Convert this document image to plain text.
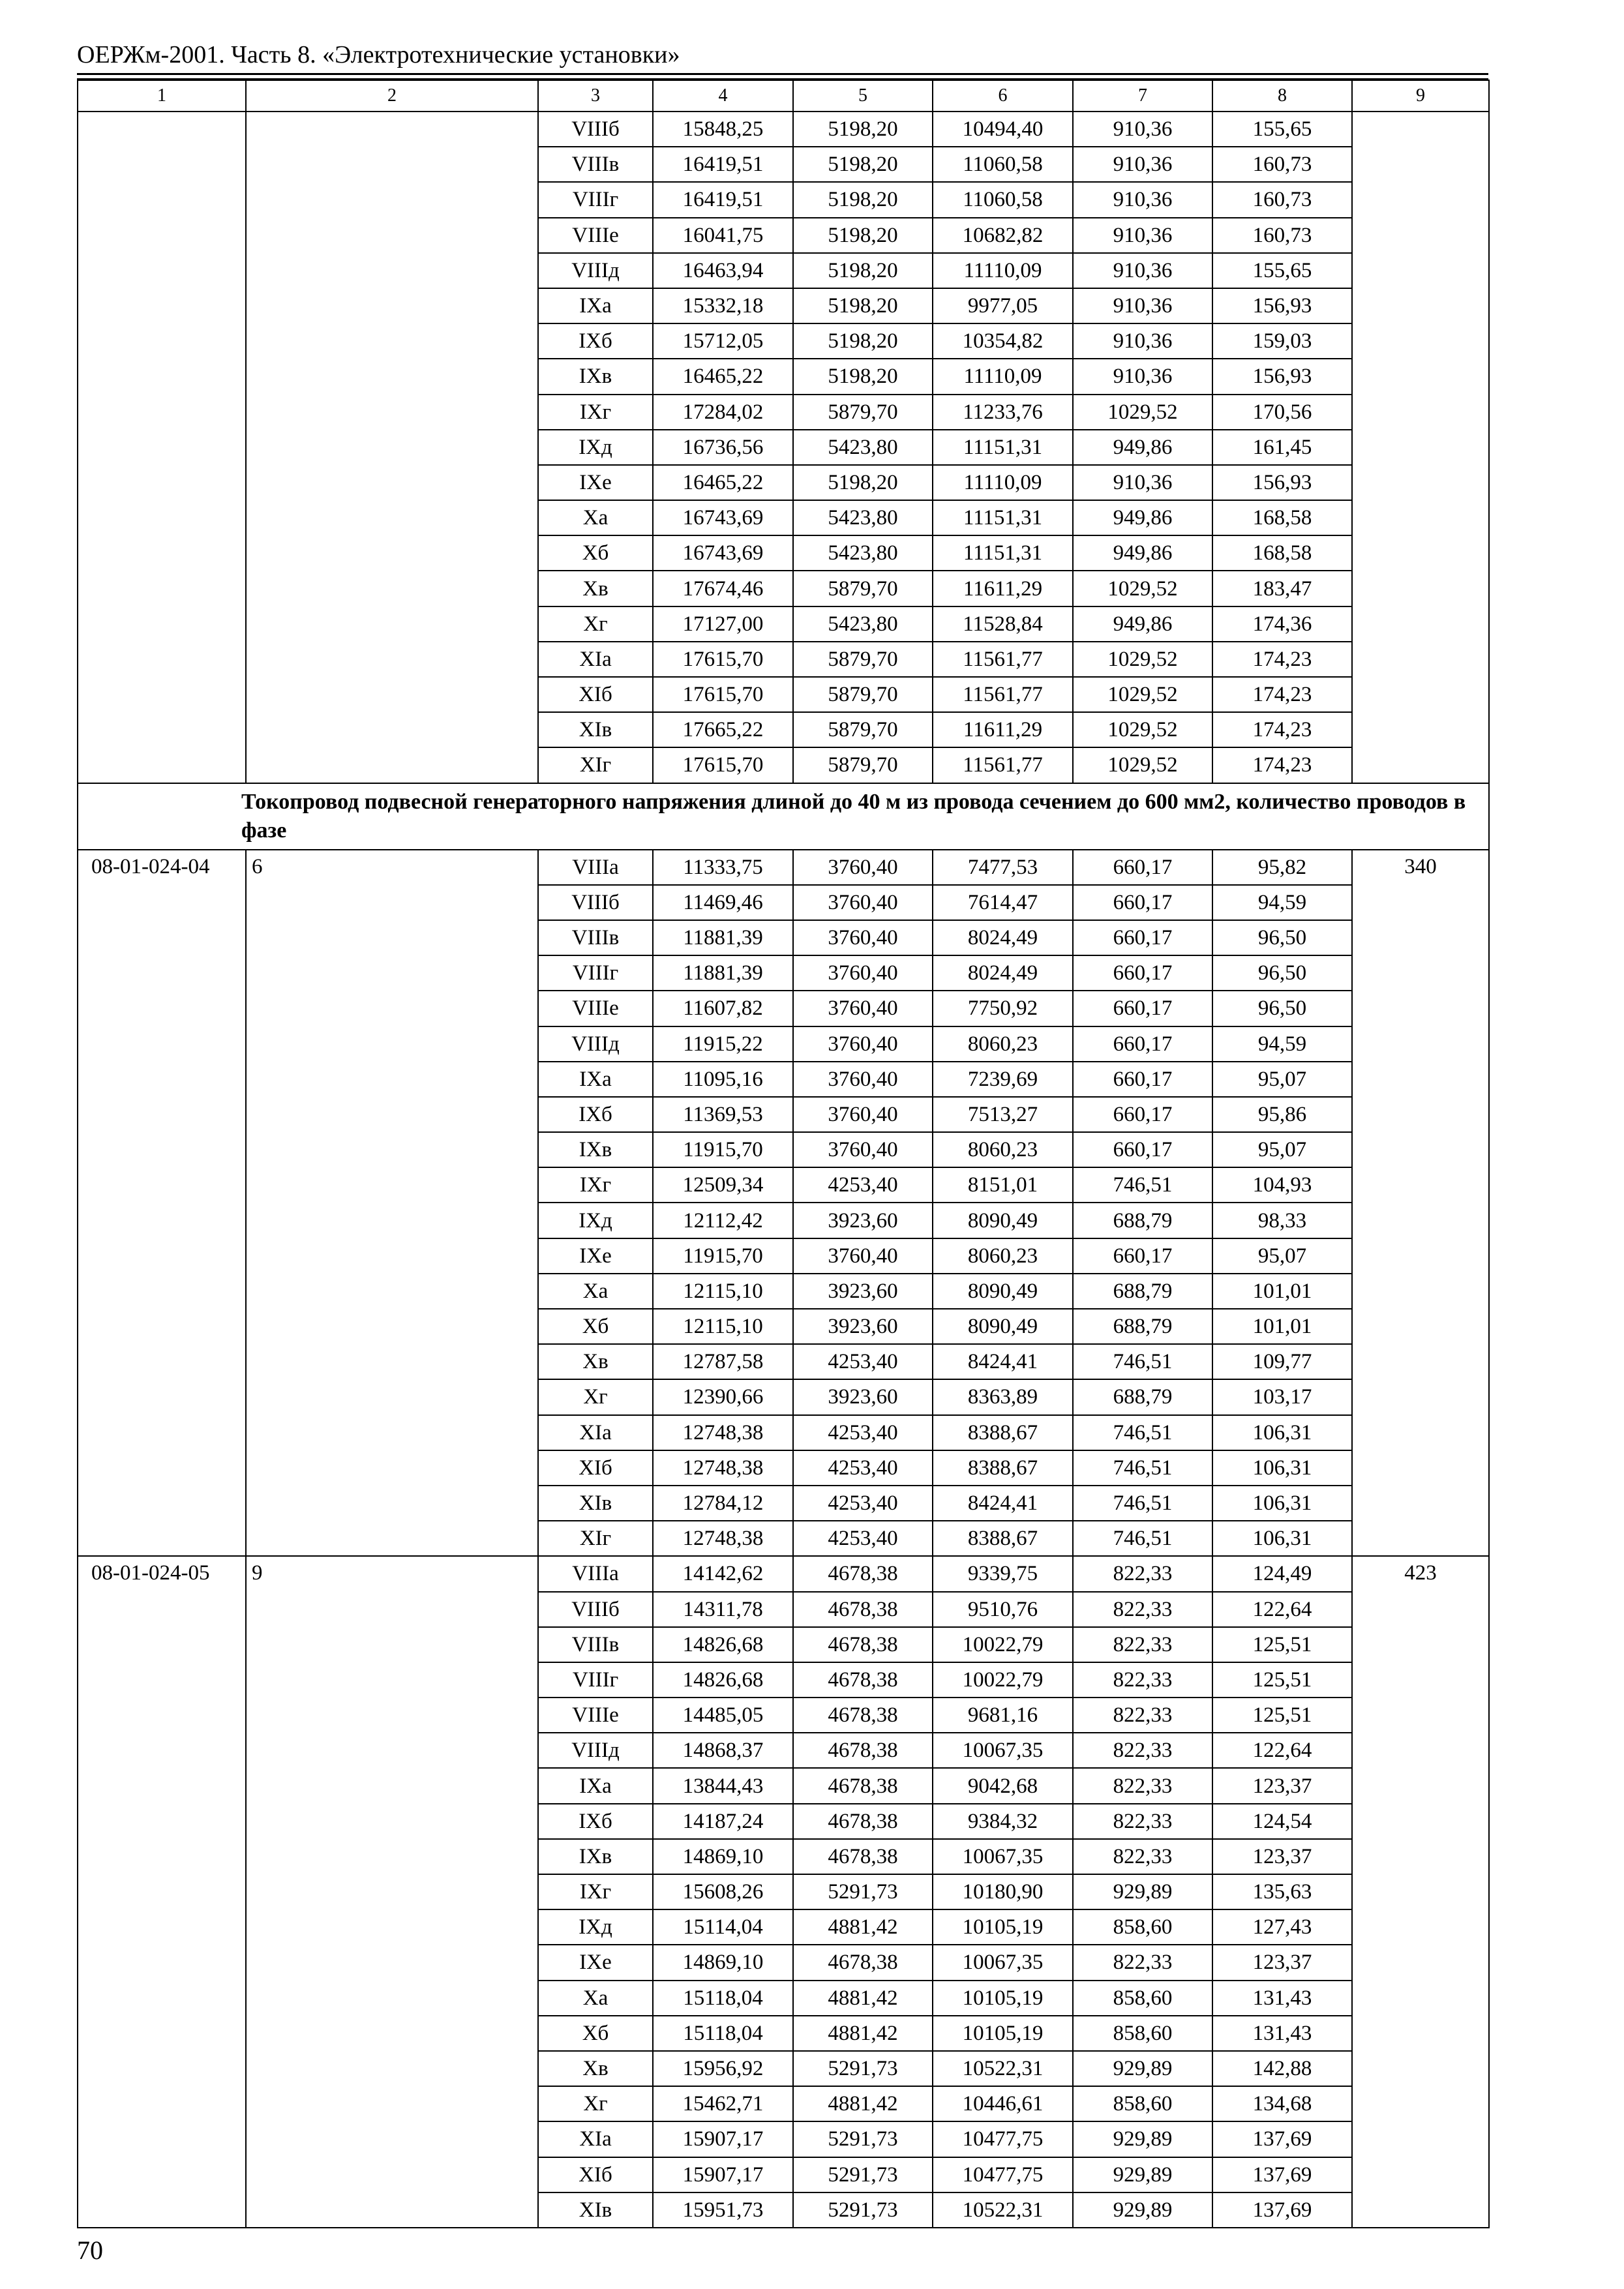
ОЕРЖм-2001. Часть 8. «Электротехнические установки»
1	2	3	4	5	6	7	8	9
		VIIIб	15848,25	5198,20	10494,40	910,36	155,65	
		VIIIв	16419,51	5198,20	11060,58	910,36	160,73	
		VIIIг	16419,51	5198,20	11060,58	910,36	160,73	
		VIIIе	16041,75	5198,20	10682,82	910,36	160,73	
		VIIIд	16463,94	5198,20	11110,09	910,36	155,65	
		IXа	15332,18	5198,20	9977,05	910,36	156,93	
		IXб	15712,05	5198,20	10354,82	910,36	159,03	
		IXв	16465,22	5198,20	11110,09	910,36	156,93	
		IXг	17284,02	5879,70	11233,76	1029,52	170,56	
		IXд	16736,56	5423,80	11151,31	949,86	161,45	
		IXе	16465,22	5198,20	11110,09	910,36	156,93	
		Xа	16743,69	5423,80	11151,31	949,86	168,58	
		Xб	16743,69	5423,80	11151,31	949,86	168,58	
		Xв	17674,46	5879,70	11611,29	1029,52	183,47	
		Xг	17127,00	5423,80	11528,84	949,86	174,36	
		XIа	17615,70	5879,70	11561,77	1029,52	174,23	
		XIб	17615,70	5879,70	11561,77	1029,52	174,23	
		XIв	17665,22	5879,70	11611,29	1029,52	174,23	
		XIг	17615,70	5879,70	11561,77	1029,52	174,23	

Токопровод подвесной генераторного напряжения длиной до 40 м из провода сечением до 600 мм2, количество проводов в фазе								

08-01-024-04	6	VIIIа	11333,75	3760,40	7477,53	660,17	95,82	340
		VIIIб	11469,46	3760,40	7614,47	660,17	94,59	
		VIIIв	11881,39	3760,40	8024,49	660,17	96,50	
		VIIIг	11881,39	3760,40	8024,49	660,17	96,50	
		VIIIе	11607,82	3760,40	7750,92	660,17	96,50	
		VIIIд	11915,22	3760,40	8060,23	660,17	94,59	
		IXа	11095,16	3760,40	7239,69	660,17	95,07	
		IXб	11369,53	3760,40	7513,27	660,17	95,86	
		IXв	11915,70	3760,40	8060,23	660,17	95,07	
		IXг	12509,34	4253,40	8151,01	746,51	104,93	
		IXд	12112,42	3923,60	8090,49	688,79	98,33	
		IXе	11915,70	3760,40	8060,23	660,17	95,07	
		Xа	12115,10	3923,60	8090,49	688,79	101,01	
		Xб	12115,10	3923,60	8090,49	688,79	101,01	
		Xв	12787,58	4253,40	8424,41	746,51	109,77	
		Xг	12390,66	3923,60	8363,89	688,79	103,17	
		XIа	12748,38	4253,40	8388,67	746,51	106,31	
		XIб	12748,38	4253,40	8388,67	746,51	106,31	
		XIв	12784,12	4253,40	8424,41	746,51	106,31	
		XIг	12748,38	4253,40	8388,67	746,51	106,31	
08-01-024-05	9	VIIIа	14142,62	4678,38	9339,75	822,33	124,49	423
		VIIIб	14311,78	4678,38	9510,76	822,33	122,64	
		VIIIв	14826,68	4678,38	10022,79	822,33	125,51	
		VIIIг	14826,68	4678,38	10022,79	822,33	125,51	
		VIIIе	14485,05	4678,38	9681,16	822,33	125,51	
		VIIIд	14868,37	4678,38	10067,35	822,33	122,64	
		IXа	13844,43	4678,38	9042,68	822,33	123,37	
		IXб	14187,24	4678,38	9384,32	822,33	124,54	
		IXв	14869,10	4678,38	10067,35	822,33	123,37	
		IXг	15608,26	5291,73	10180,90	929,89	135,63	
		IXд	15114,04	4881,42	10105,19	858,60	127,43	
		IXе	14869,10	4678,38	10067,35	822,33	123,37	
		Xа	15118,04	4881,42	10105,19	858,60	131,43	
		Xб	15118,04	4881,42	10105,19	858,60	131,43	
		Xв	15956,92	5291,73	10522,31	929,89	142,88	
		Xг	15462,71	4881,42	10446,61	858,60	134,68	
		XIа	15907,17	5291,73	10477,75	929,89	137,69	
		XIб	15907,17	5291,73	10477,75	929,89	137,69	
		XIв	15951,73	5291,73	10522,31	929,89	137,69	
70
